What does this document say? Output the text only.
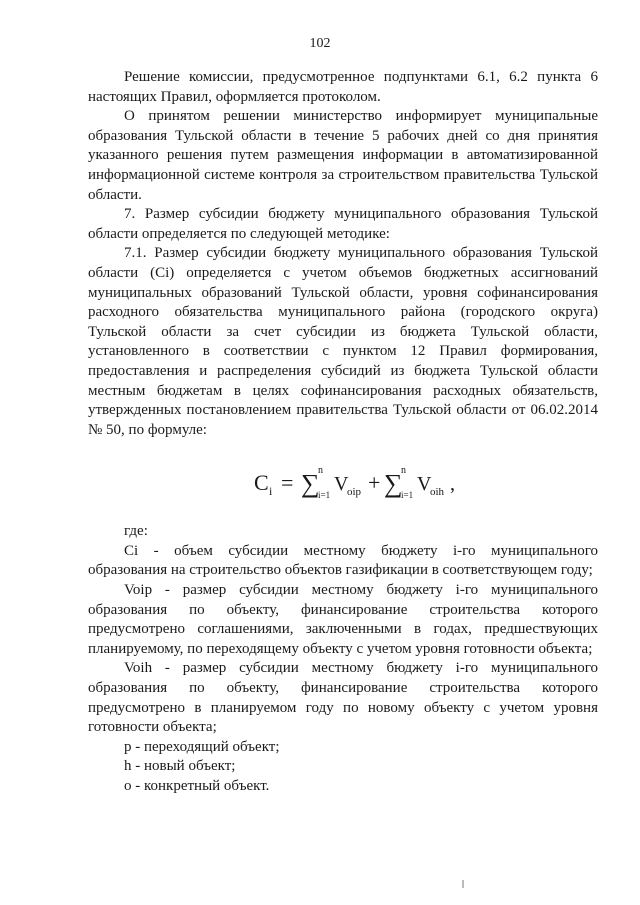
102

Решение комиссии, предусмотренное подпунктами 6.1, 6.2 пункта 6 настоящих Правил, оформляется протоколом.

О принятом решении министерство информирует муниципальные образования Тульской области в течение 5 рабочих дней со дня принятия указанного решения путем размещения информации в автоматизированной информационной системе контроля за строительством правительства Тульской области.

7. Размер субсидии бюджету муниципального образования Тульской области определяется по следующей методике:

7.1. Размер субсидии бюджету муниципального образования Тульской области (Ci) определяется с учетом объемов бюджетных ассигнований муниципальных образований Тульской области, уровня софинансирования расходного обязательства муниципального района (городского округа) Тульской области за счет субсидии из бюджета Тульской области, установленного в соответствии с пунктом 12 Правил формирования, предоставления и распределения субсидий из бюджета Тульской области местным бюджетам в целях софинансирования расходных обязательств, утвержденных постановлением правительства Тульской области от 06.02.2014 № 50, по формуле:

C i = ∑
n
i=1 V
oip + ∑
n
i=1 V
oih ,

где:

Ci - объем субсидии местному бюджету i-го муниципального образования на строительство объектов газификации в соответствующем году;

Voip - размер субсидии местному бюджету i-го муниципального образования по объекту, финансирование строительства которого предусмотрено соглашениями, заключенными в годах, предшествующих планируемому, по переходящему объекту с учетом уровня готовности объекта;

Voih - размер субсидии местному бюджету i-го муниципального образования по объекту, финансирование строительства которого предусмотрено в планируемом году по новому объекту с учетом уровня готовности объекта;

p - переходящий объект;

h - новый объект;

o - конкретный объект.
